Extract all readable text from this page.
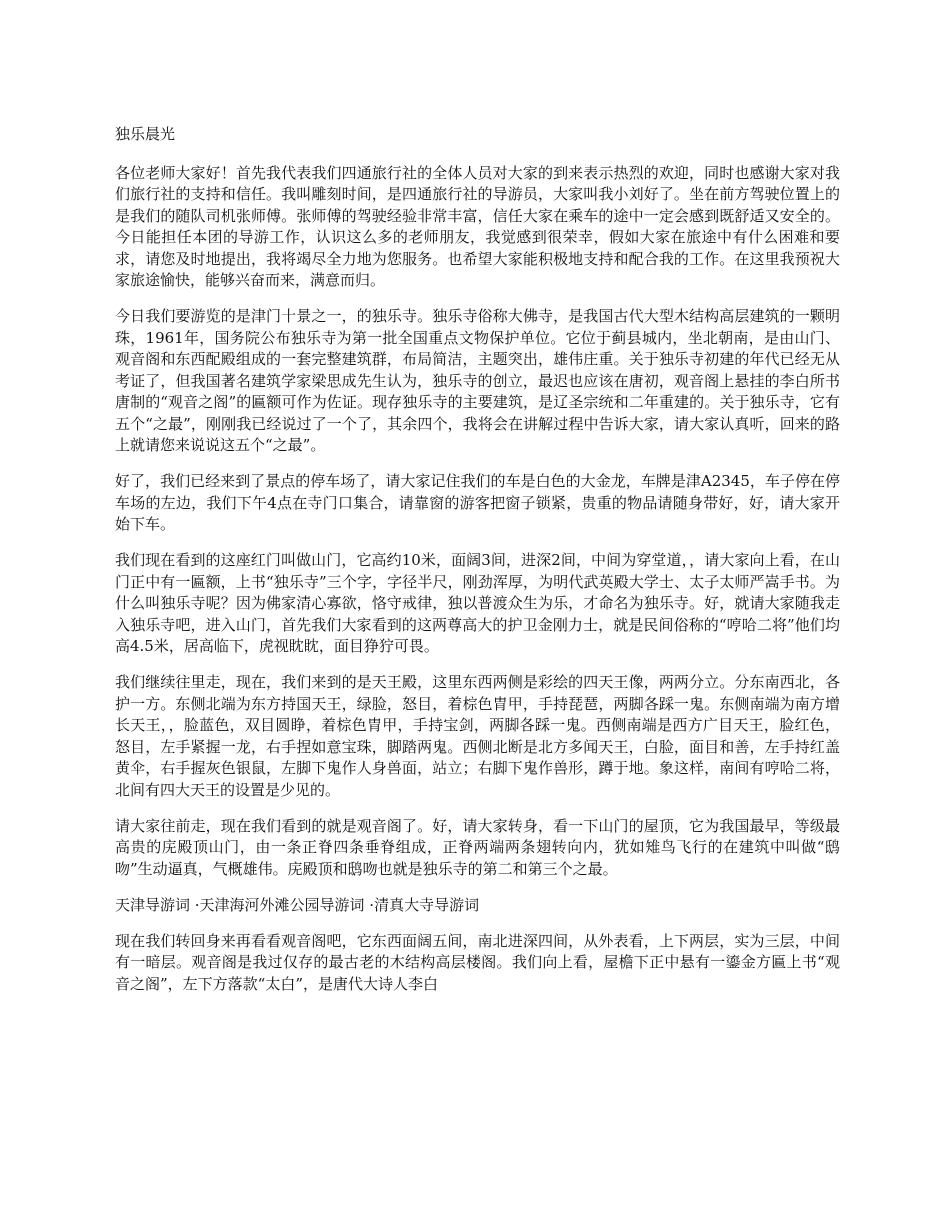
独乐晨光

各位老师大家好！首先我代表我们四通旅行社的全体人员对大家的到来表示热烈的欢迎，同时也感谢大家对我们旅行社的支持和信任。我叫雕刻时间，是四通旅行社的导游员，大家叫我小刘好了。坐在前方驾驶位置上的是我们的随队司机张师傅。张师傅的驾驶经验非常丰富，信任大家在乘车的途中一定会感到既舒适又安全的。今日能担任本团的导游工作，认识这么多的老师朋友，我觉感到很荣幸，假如大家在旅途中有什么困难和要求，请您及时地提出，我将竭尽全力地为您服务。也希望大家能积极地支持和配合我的工作。在这里我预祝大家旅途愉快，能够兴奋而来，满意而归。

今日我们要游览的是津门十景之一，的独乐寺。独乐寺俗称大佛寺，是我国古代大型木结构高层建筑的一颗明珠，1961年，国务院公布独乐寺为第一批全国重点文物保护单位。它位于蓟县城内，坐北朝南，是由山门、观音阁和东西配殿组成的一套完整建筑群，布局简洁，主题突出，雄伟庄重。关于独乐寺初建的年代已经无从考证了，但我国著名建筑学家梁思成先生认为，独乐寺的创立，最迟也应该在唐初，观音阁上悬挂的李白所书唐制的“观音之阁”的匾额可作为佐证。现存独乐寺的主要建筑，是辽圣宗统和二年重建的。关于独乐寺，它有五个“之最”，刚刚我已经说过了一个了，其余四个，我将会在讲解过程中告诉大家，请大家认真听，回来的路上就请您来说说这五个“之最”。

好了，我们已经来到了景点的停车场了，请大家记住我们的车是白色的大金龙，车牌是津A2345，车子停在停车场的左边，我们下午4点在寺门口集合，请靠窗的游客把窗子锁紧，贵重的物品请随身带好，好，请大家开始下车。

我们现在看到的这座红门叫做山门，它高约10米，面阔3间，进深2间，中间为穿堂道，，请大家向上看，在山门正中有一匾额，上书“独乐寺”三个字，字径半尺，刚劲浑厚，为明代武英殿大学士、太子太师严嵩手书。为什么叫独乐寺呢？因为佛家清心寡欲，恪守戒律，独以普渡众生为乐，才命名为独乐寺。好，就请大家随我走入独乐寺吧，进入山门，首先我们大家看到的这两尊高大的护卫金刚力士，就是民间俗称的“哼哈二将”他们均高4.5米，居高临下，虎视眈眈，面目狰狞可畏。

我们继续往里走，现在，我们来到的是天王殿，这里东西两侧是彩绘的四天王像，两两分立。分东南西北，各护一方。东侧北端为东方持国天王，绿脸，怒目，着棕色胄甲，手持琵琶，两脚各踩一鬼。东侧南端为南方增长天王，，脸蓝色，双目圆睁，着棕色胄甲，手持宝剑，两脚各踩一鬼。西侧南端是西方广目天王，脸红色，怒目，左手紧握一龙，右手捏如意宝珠，脚踏两鬼。西侧北断是北方多闻天王，白脸，面目和善，左手持红盖黄伞，右手握灰色银鼠，左脚下鬼作人身兽面，站立；右脚下鬼作兽形，蹲于地。象这样，南间有哼哈二将，北间有四大天王的设置是少见的。

请大家往前走，现在我们看到的就是观音阁了。好，请大家转身，看一下山门的屋顶，它为我国最早，等级最高贵的庑殿顶山门，由一条正脊四条垂脊组成，正脊两端两条翅转向内，犹如雉鸟飞行的在建筑中叫做“鸱吻”生动逼真，气概雄伟。庑殿顶和鸱吻也就是独乐寺的第二和第三个之最。

天津导游词 ·天津海河外滩公园导游词 ·清真大寺导游词

现在我们转回身来再看看观音阁吧，它东西面阔五间，南北进深四间，从外表看，上下两层，实为三层，中间有一暗层。观音阁是我过仅存的最古老的木结构高层楼阁。我们向上看，屋檐下正中悬有一鎏金方匾上书“观音之阁”，左下方落款“太白”，是唐代大诗人李白
